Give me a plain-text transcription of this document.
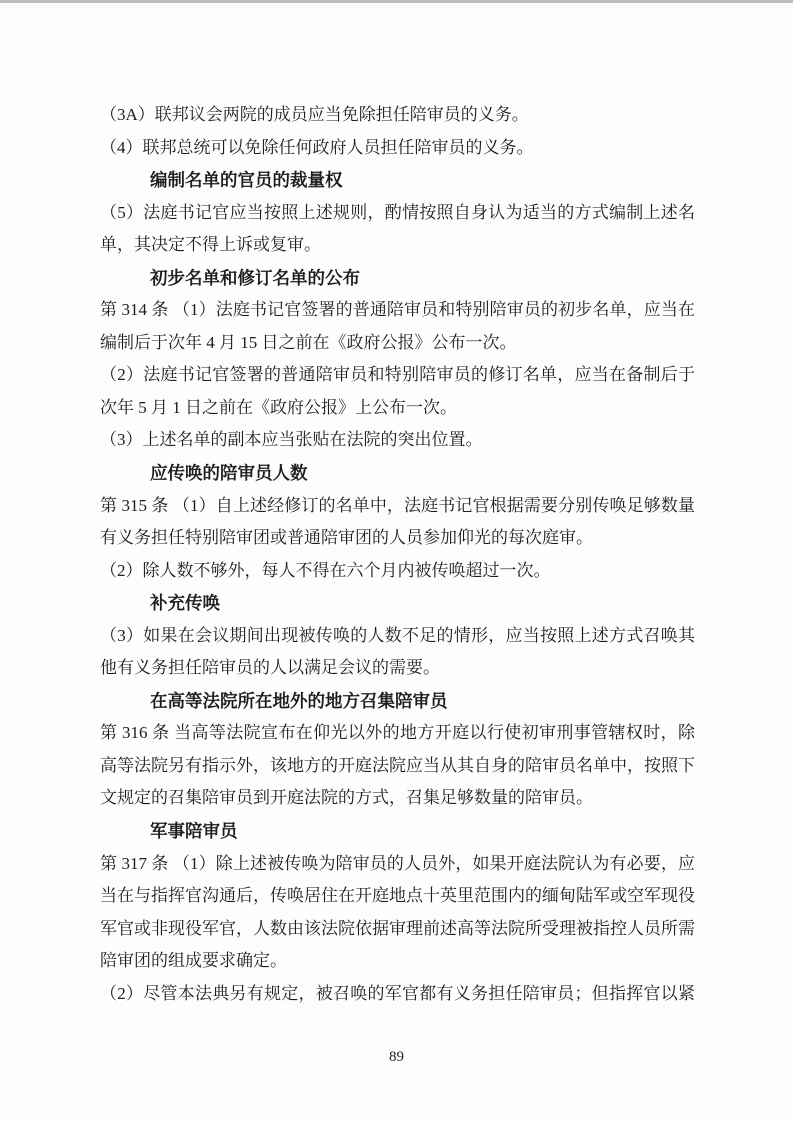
（3A）联邦议会两院的成员应当免除担任陪审员的义务。
（4）联邦总统可以免除任何政府人员担任陪审员的义务。
编制名单的官员的裁量权
（5）法庭书记官应当按照上述规则，酌情按照自身认为适当的方式编制上述名
单，其决定不得上诉或复审。
初步名单和修订名单的公布
第 314 条 （1）法庭书记官签署的普通陪审员和特别陪审员的初步名单，应当在
编制后于次年 4 月 15 日之前在《政府公报》公布一次。
（2）法庭书记官签署的普通陪审员和特别陪审员的修订名单，应当在备制后于
次年 5 月 1 日之前在《政府公报》上公布一次。
（3）上述名单的副本应当张贴在法院的突出位置。
应传唤的陪审员人数
第 315 条 （1）自上述经修订的名单中，法庭书记官根据需要分别传唤足够数量
有义务担任特别陪审团或普通陪审团的人员参加仰光的每次庭审。
（2）除人数不够外，每人不得在六个月内被传唤超过一次。
补充传唤
（3）如果在会议期间出现被传唤的人数不足的情形，应当按照上述方式召唤其
他有义务担任陪审员的人以满足会议的需要。
在高等法院所在地外的地方召集陪审员
第 316 条 当高等法院宣布在仰光以外的地方开庭以行使初审刑事管辖权时，除
高等法院另有指示外，该地方的开庭法院应当从其自身的陪审员名单中，按照下
文规定的召集陪审员到开庭法院的方式，召集足够数量的陪审员。
军事陪审员
第 317 条 （1）除上述被传唤为陪审员的人员外，如果开庭法院认为有必要，应
当在与指挥官沟通后，传唤居住在开庭地点十英里范围内的缅甸陆军或空军现役
军官或非现役军官，人数由该法院依据审理前述高等法院所受理被指控人员所需
陪审团的组成要求确定。
（2）尽管本法典另有规定，被召唤的军官都有义务担任陪审员；但指挥官以紧
89
